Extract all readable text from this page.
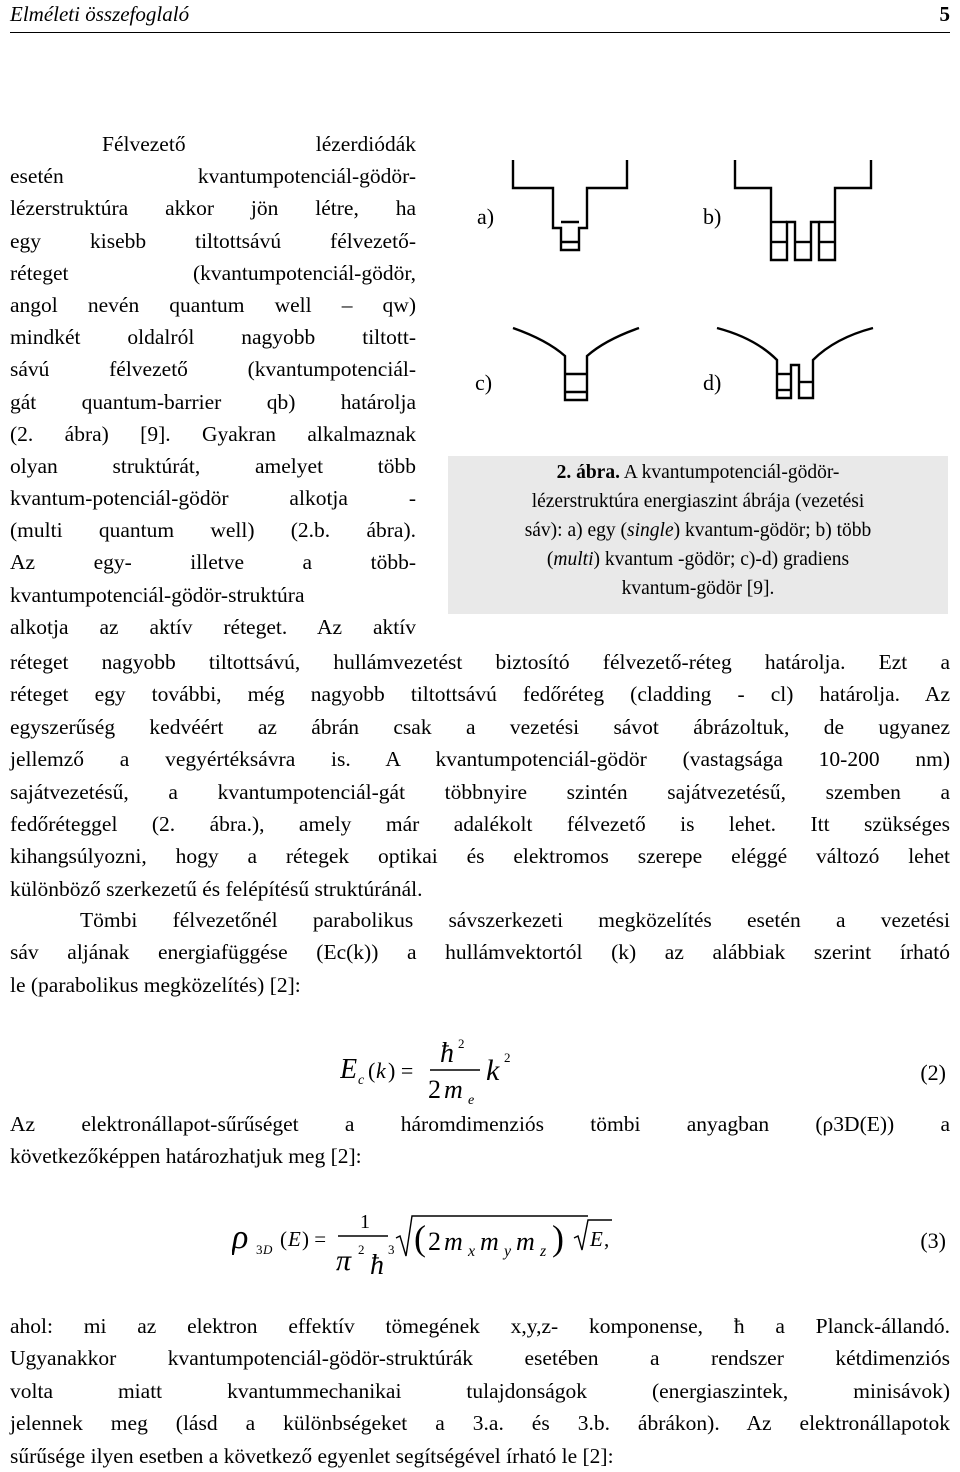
Elméleti összefoglaló	5
Félvezető lézerdiódák
esetén kvantumpotenciál-gödör-
lézerstruktúra akkor jön létre, ha
egy kisebb tiltottsávú félvezető-
réteget (kvantumpotenciál-gödör,
angol nevén quantum well – qw)
mindkét oldalról nagyobb tiltott-
sávú félvezető (kvantumpotenciál-
gát quantum-barrier qb) határolja
(2. ábra) [9]. Gyakran alkalmaznak
olyan struktúrát, amelyet több
kvantum-potenciál-gödör alkotja -
(multi quantum well) (2.b. ábra).
Az egy- illetve a több-
kvantumpotenciál-gödör-struktúra
alkotja az aktív réteget. Az aktív
a)	b)
c)	d)
2. ábra. A kvantumpotenciál-gödör-
lézerstruktúra energiaszint ábrája (vezetési
sáv): a) egy (single) kvantum-gödör; b) több
(multi) kvantum -gödör; c)-d) gradiens
kvantum-gödör [9].
réteget nagyobb tiltottsávú, hullámvezetést biztosító félvezető-réteg határolja. Ezt a
réteget egy további, még nagyobb tiltottsávú fedőréteg (cladding - cl) határolja. Az
egyszerűség kedvéért az ábrán csak a vezetési sávot ábrázoltuk, de ugyanez
jellemző a vegyértéksávra is. A kvantumpotenciál-gödör (vastagsága 10-200 nm)
sajátvezetésű, a kvantumpotenciál-gát többnyire szintén sajátvezetésű, szemben a
fedőréteggel (2. ábra.), amely már adalékolt félvezető is lehet. Itt szükséges
kihangsúlyozni, hogy a rétegek optikai és elektromos szerepe eléggé változó lehet
különböző szerkezetű és felépítésű struktúránál.
Tömbi félvezetőnél parabolikus sávszerkezeti megközelítés esetén a vezetési
sáv aljának energiafüggése (Ec(k)) a hullámvektortól (k) az alábbiak szerint írható
le (parabolikus megközelítés) [2]:
E c ( k ) =
ħ 2
2 m e
k 2
(2)
Az elektronállapot-sűrűséget a háromdimenziós tömbi anyagban (ρ3D(E)) a
következőképpen határozhatjuk meg [2]:
ρ 3 D ( E ) =
1
π 2
ħ
3 ( 2 m x m y m z ) E ,	(3)
ahol: mi az elektron effektív tömegének x,y,z- komponense, ħ a Planck-állandó.
Ugyanakkor kvantumpotenciál-gödör-struktúrák esetében a rendszer kétdimenziós
volta miatt kvantummechanikai tulajdonságok (energiaszintek, minisávok)
jelennek meg (lásd a különbségeket a 3.a. és 3.b. ábrákon). Az elektronállapotok
sűrűsége ilyen esetben a következő egyenlet segítségével írható le [2]:
